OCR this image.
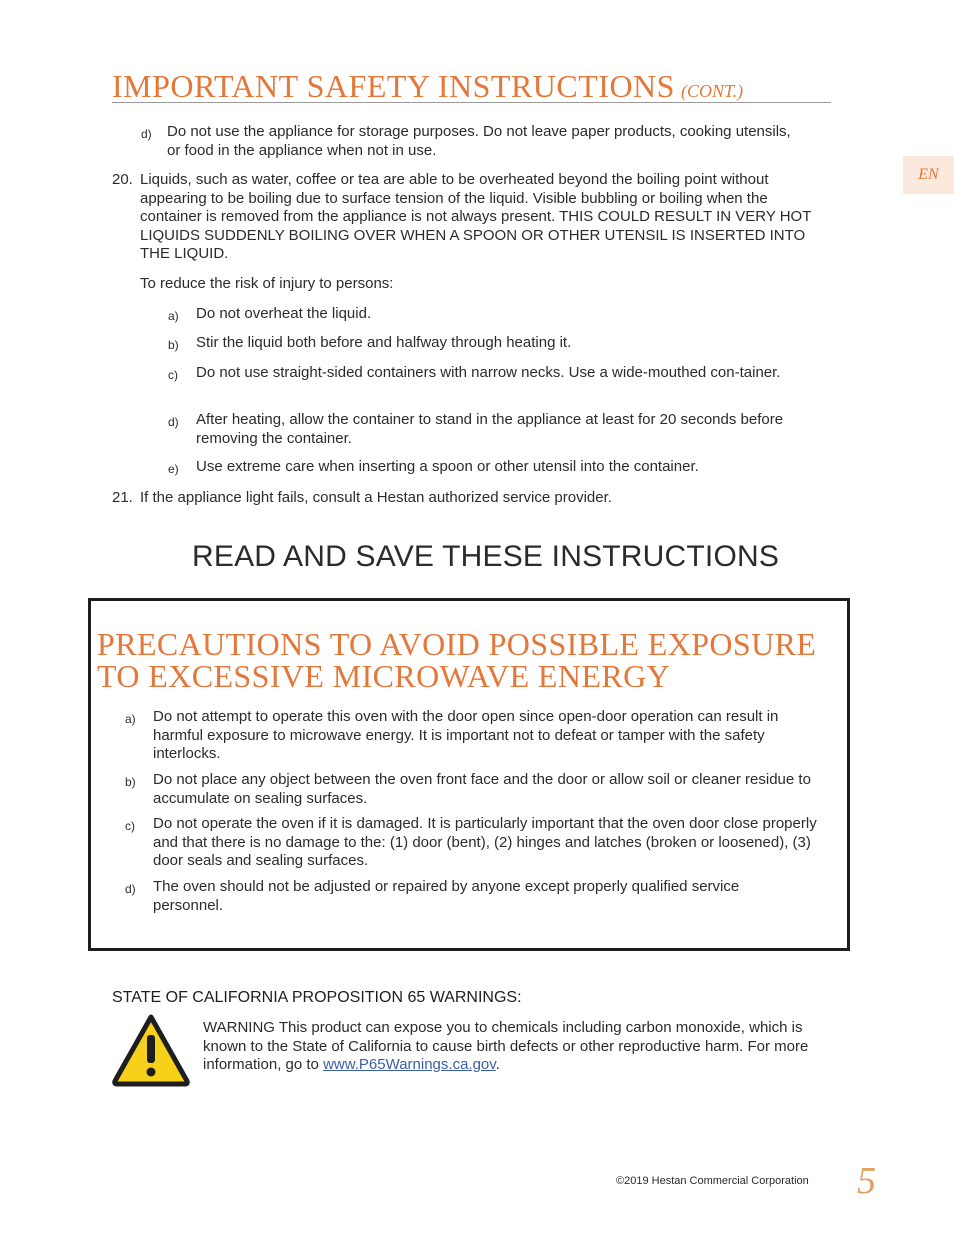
IMPORTANT SAFETY INSTRUCTIONS (CONT.)
EN
d) Do not use the appliance for storage purposes. Do not leave paper products, cooking utensils, or food in the appliance when not in use.
20. Liquids, such as water, coffee or tea are able to be overheated beyond the boiling point without appearing to be boiling due to surface tension of the liquid. Visible bubbling or boiling when the container is removed from the appliance is not always present. THIS COULD RESULT IN VERY HOT LIQUIDS SUDDENLY BOILING OVER WHEN A SPOON OR OTHER UTENSIL IS INSERTED INTO THE LIQUID.
To reduce the risk of injury to persons:
a) Do not overheat the liquid.
b) Stir the liquid both before and halfway through heating it.
c) Do not use straight-sided containers with narrow necks. Use a wide-mouthed con-tainer.
d) After heating, allow the container to stand in the appliance at least for 20 seconds before removing the container.
e) Use extreme care when inserting a spoon or other utensil into the container.
21. If the appliance light fails, consult a Hestan authorized service provider.
READ AND SAVE THESE INSTRUCTIONS
PRECAUTIONS TO AVOID POSSIBLE EXPOSURE
TO EXCESSIVE MICROWAVE ENERGY
a) Do not attempt to operate this oven with the door open since open-door operation can result in harmful exposure to microwave energy. It is important not to defeat or tamper with the safety interlocks.
b) Do not place any object between the oven front face and the door or allow soil or cleaner residue to accumulate on sealing surfaces.
c) Do not operate the oven if it is damaged. It is particularly important that the oven door close properly and that there is no damage to the: (1) door (bent), (2) hinges and latches (broken or loosened), (3) door seals and sealing surfaces.
d) The oven should not be adjusted or repaired by anyone except properly qualified service personnel.
STATE OF CALIFORNIA PROPOSITION 65 WARNINGS:
WARNING This product can expose you to chemicals including carbon monoxide, which is known to the State of California to cause birth defects or other reproductive harm. For more information, go to www.P65Warnings.ca.gov.
©2019 Hestan Commercial Corporation 5
